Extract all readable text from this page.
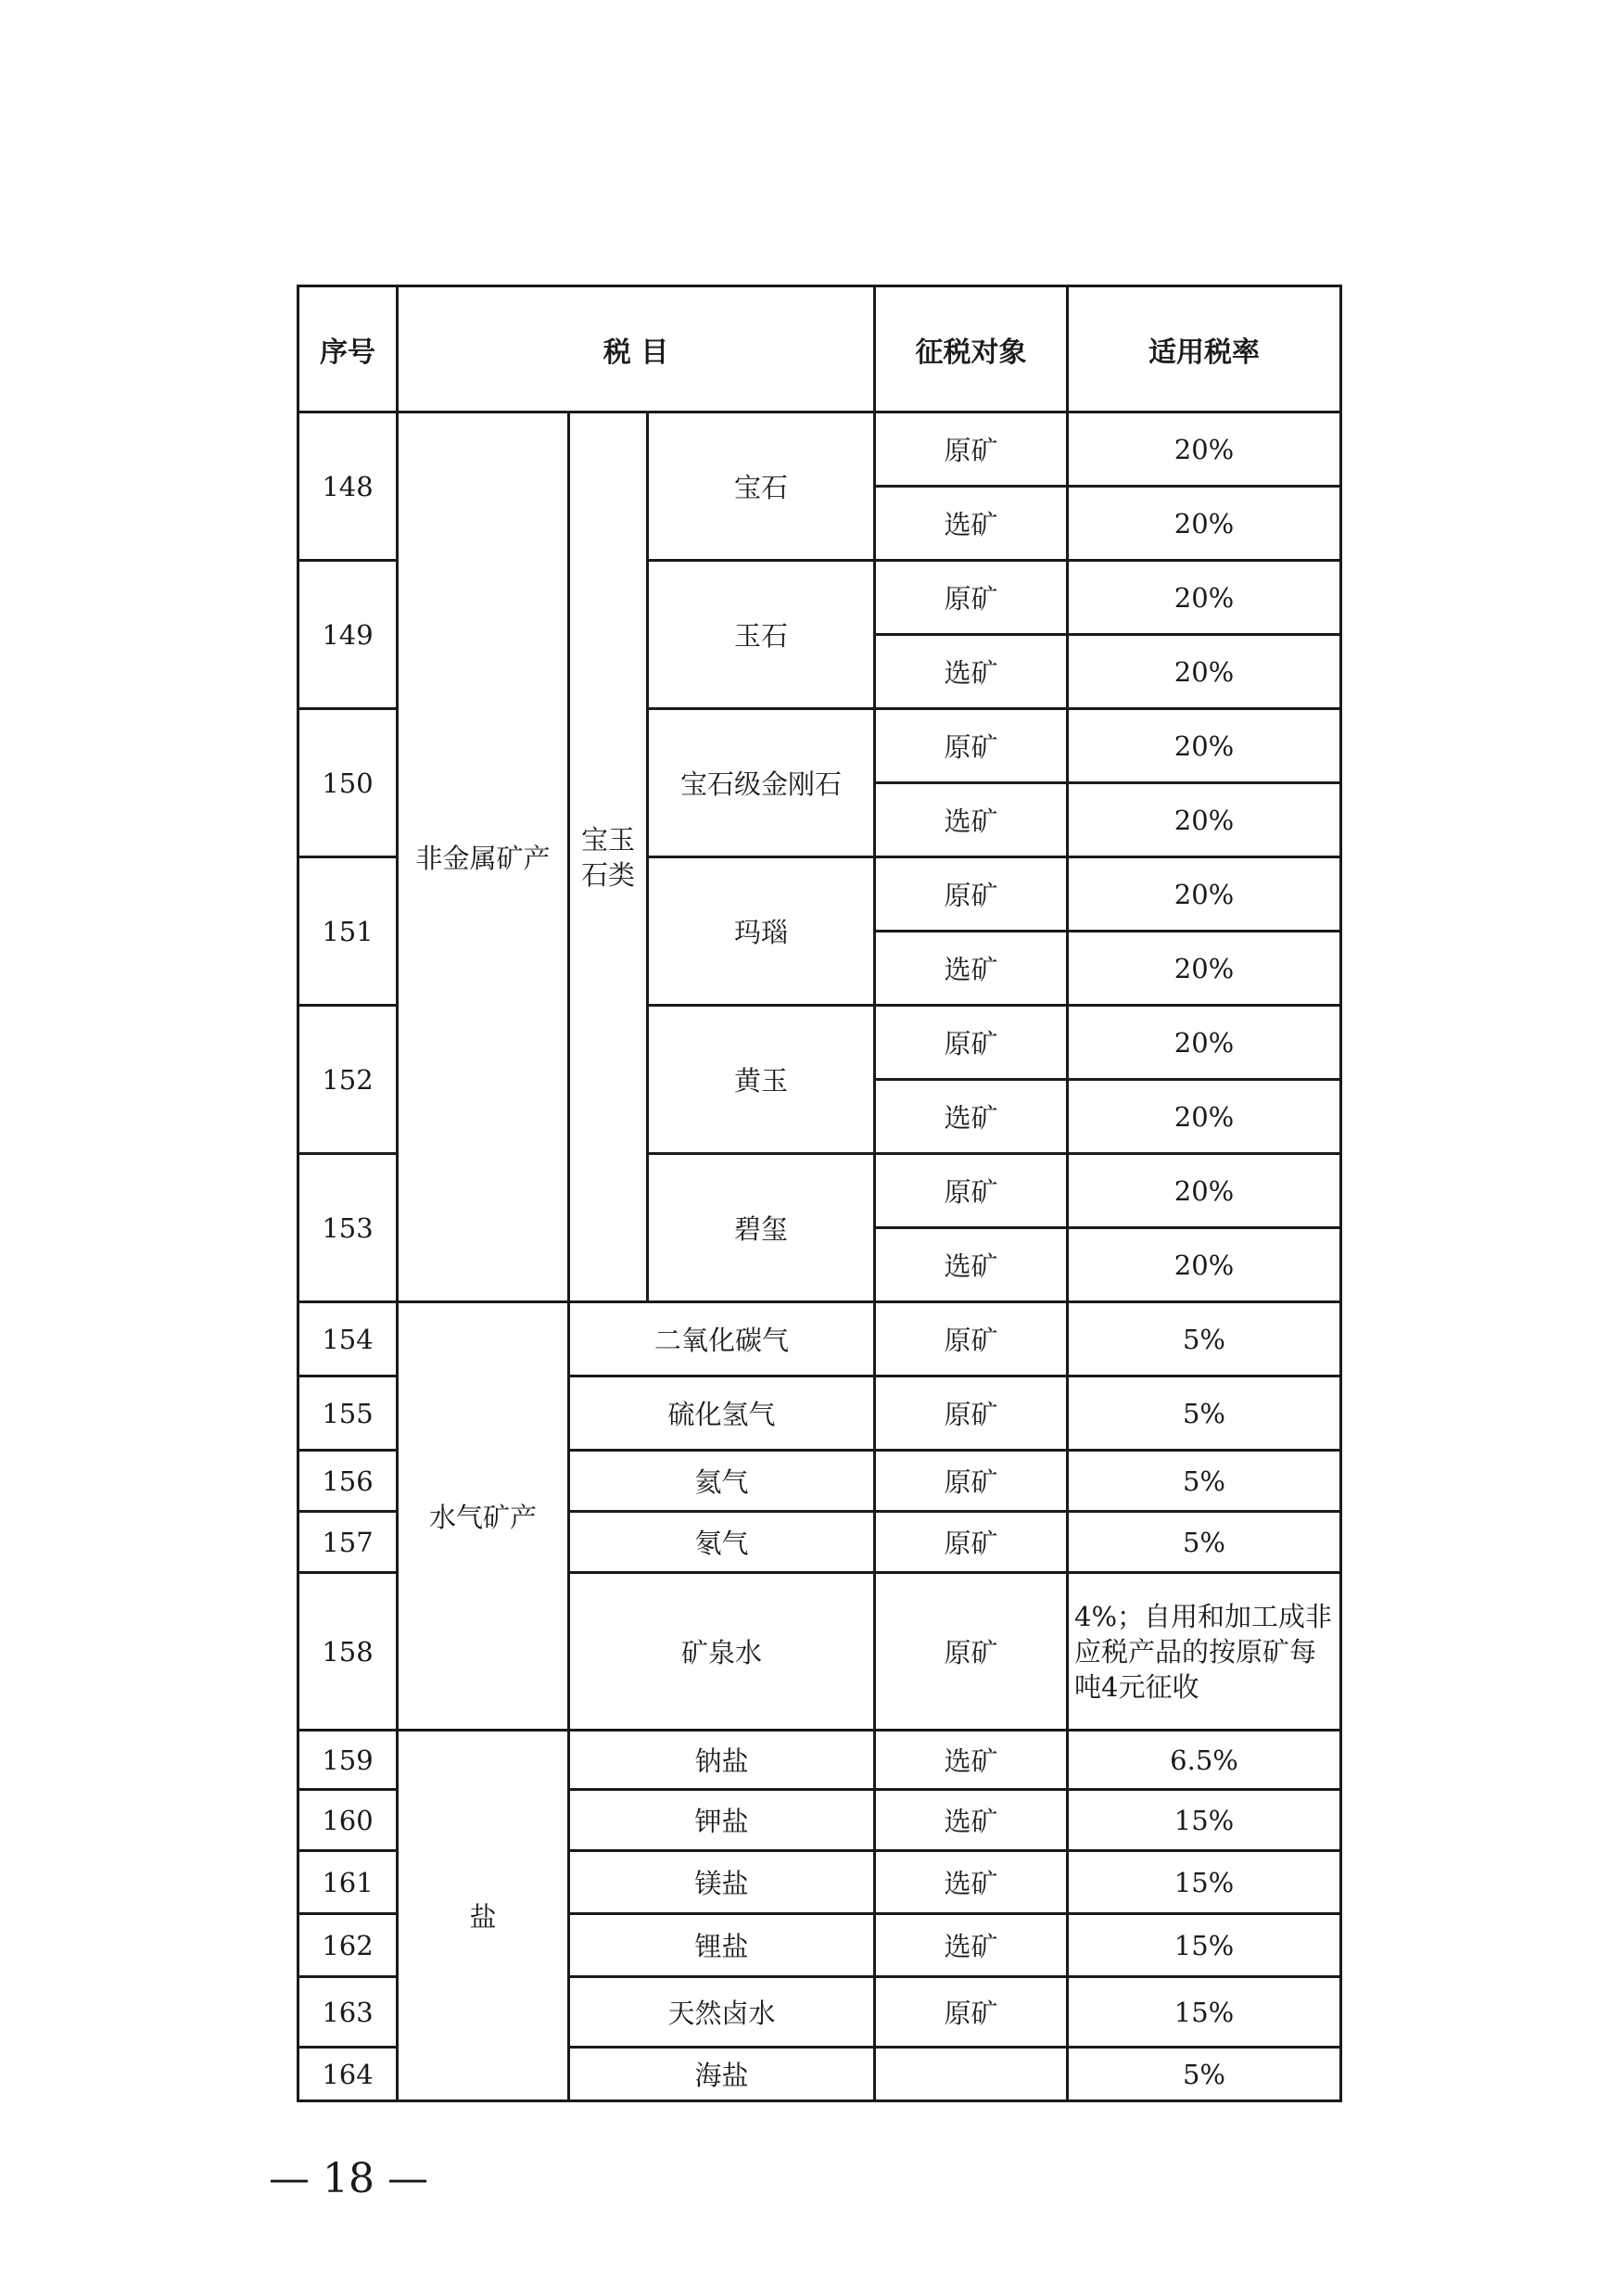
序号	税 目			征税对象	适用税率
148	非金属矿产	宝玉石类	宝石	原矿	20%
				选矿	20%
149			玉石	原矿	20%
				选矿	20%
150			宝石级金刚石	原矿	20%
				选矿	20%
151			玛瑙	原矿	20%
				选矿	20%
152			黄玉	原矿	20%
				选矿	20%
153			碧玺	原矿	20%
				选矿	20%
154	水气矿产	二氧化碳气		原矿	5%
155		硫化氢气		原矿	5%
156		氦气		原矿	5%
157		氡气		原矿	5%
158		矿泉水		原矿	4%；自用和加工成非应税产品的按原矿每吨4元征收
159	盐	钠盐		选矿	6.5%
160		钾盐		选矿	15%
161		镁盐		选矿	15%
162		锂盐		选矿	15%
163		天然卤水		原矿	15%
164		海盐			5%
— 18 —
